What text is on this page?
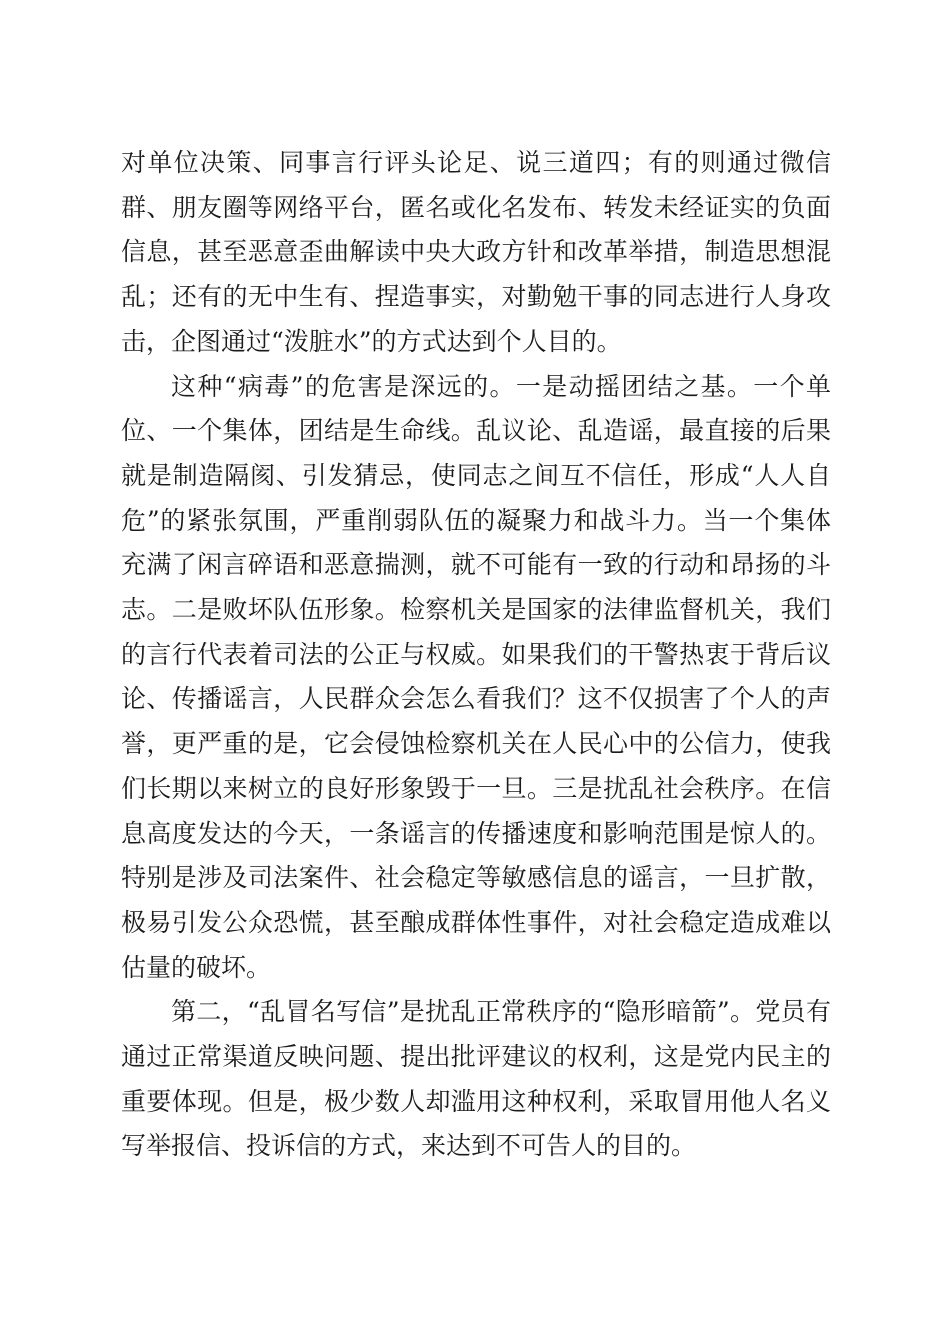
对单位决策、同事言行评头论足、说三道四；有的则通过微信群、朋友圈等网络平台，匿名或化名发布、转发未经证实的负面信息，甚至恶意歪曲解读中央大政方针和改革举措，制造思想混乱；还有的无中生有、捏造事实，对勤勉干事的同志进行人身攻击，企图通过“泼脏水”的方式达到个人目的。

这种“病毒”的危害是深远的。一是动摇团结之基。一个单位、一个集体，团结是生命线。乱议论、乱造谣，最直接的后果就是制造隔阂、引发猜忌，使同志之间互不信任，形成“人人自危”的紧张氛围，严重削弱队伍的凝聚力和战斗力。当一个集体充满了闲言碎语和恶意揣测，就不可能有一致的行动和昂扬的斗志。二是败坏队伍形象。检察机关是国家的法律监督机关，我们的言行代表着司法的公正与权威。如果我们的干警热衷于背后议论、传播谣言，人民群众会怎么看我们？这不仅损害了个人的声誉，更严重的是，它会侵蚀检察机关在人民心中的公信力，使我们长期以来树立的良好形象毁于一旦。三是扰乱社会秩序。在信息高度发达的今天，一条谣言的传播速度和影响范围是惊人的。特别是涉及司法案件、社会稳定等敏感信息的谣言，一旦扩散，极易引发公众恐慌，甚至酿成群体性事件，对社会稳定造成难以估量的破坏。

第二，“乱冒名写信”是扰乱正常秩序的“隐形暗箭”。党员有通过正常渠道反映问题、提出批评建议的权利，这是党内民主的重要体现。但是，极少数人却滥用这种权利，采取冒用他人名义写举报信、投诉信的方式，来达到不可告人的目的。
